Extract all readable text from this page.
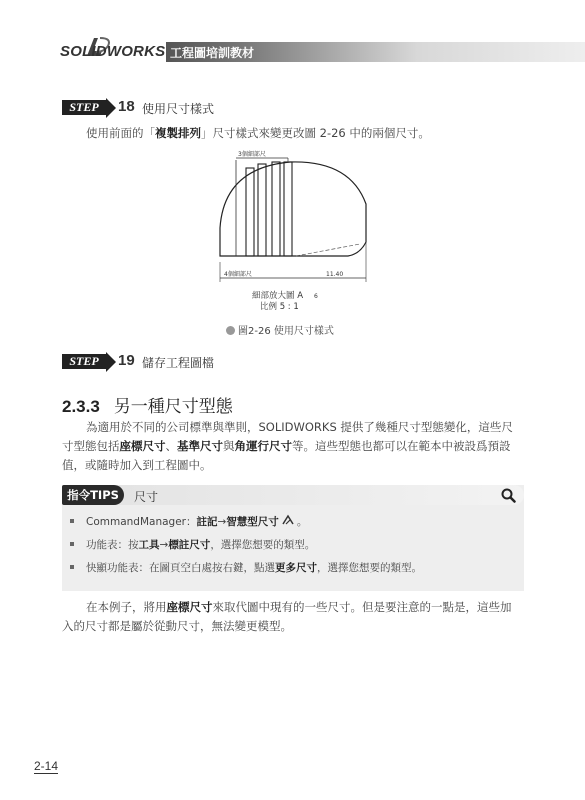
SOLIDWORKS 工程圖培訓教材
STEP	18 使用尺寸樣式
使用前面的「複製排列」尺寸樣式來變更改圖 2-26 中的兩個尺寸。
3個細部尺
4個細部尺	11.40
細部放大圖 A 6
比例 5 : 1
圖2-26 使用尺寸樣式
STEP	19 儲存工程圖檔
2.3.3 另一種尺寸型態
為適用於不同的公司標準與準則，SOLIDWORKS 提供了幾種尺寸型態變化，這些尺
寸型態包括座標尺寸、基準尺寸與角運行尺寸等。這些型態也都可以在範本中被設爲預設
值，或隨時加入到工程圖中。
指令TIPS	尺寸
CommandManager：註記→智慧型尺寸 。
功能表：按工具→標註尺寸，選擇您想要的類型。
快顯功能表：在圖頁空白處按右鍵，點選更多尺寸，選擇您想要的類型。
在本例子，將用座標尺寸來取代圖中現有的一些尺寸。但是要注意的一點是，這些加
入的尺寸都是屬於從動尺寸，無法變更模型。
2-14
